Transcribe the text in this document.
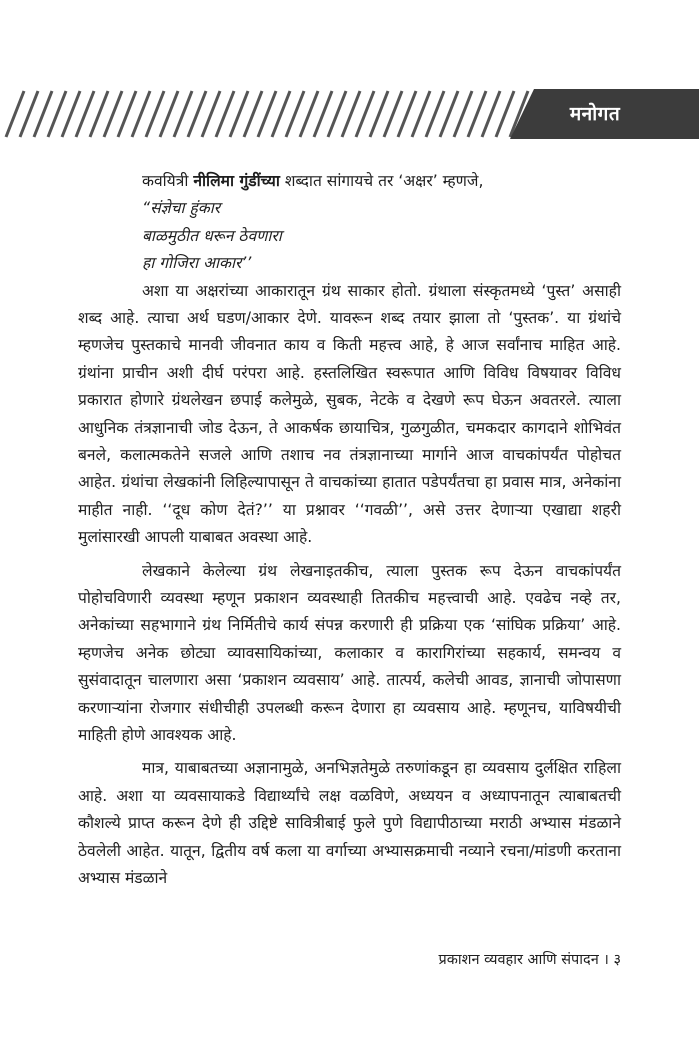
मनोगत

कवयित्री नीलिमा गुंडींच्या शब्दात सांगायचे तर ‘अक्षर’ म्हणजे,

“संज्ञेचा हुंकार
बाळमुठीत धरून ठेवणारा
हा गोजिरा आकार’’

अशा या अक्षरांच्या आकारातून ग्रंथ साकार होतो. ग्रंथाला संस्कृतमध्ये ‘पुस्त’ असाही शब्द आहे. त्याचा अर्थ घडण/आकार देणे. यावरून शब्द तयार झाला तो ‘पुस्तक’. या ग्रंथांचे म्हणजेच पुस्तकाचे मानवी जीवनात काय व किती महत्त्व आहे, हे आज सर्वांनाच माहित आहे. ग्रंथांना प्राचीन अशी दीर्घ परंपरा आहे. हस्तलिखित स्वरूपात आणि विविध विषयावर विविध प्रकारात होणारे ग्रंथलेखन छपाई कलेमुळे, सुबक, नेटके व देखणे रूप घेऊन अवतरले. त्याला आधुनिक तंत्रज्ञानाची जोड देऊन, ते आकर्षक छायाचित्र, गुळगुळीत, चमकदार कागदाने शोभिवंत बनले, कलात्मकतेने सजले आणि तशाच नव तंत्रज्ञानाच्या मार्गाने आज वाचकांपर्यंत पोहोचत आहेत. ग्रंथांचा लेखकांनी लिहिल्यापासून ते वाचकांच्या हातात पडेपर्यंतचा हा प्रवास मात्र, अनेकांना माहीत नाही. ‘‘दूध कोण देतं?’’ या प्रश्नावर ‘‘गवळी’’, असे उत्तर देणाऱ्या एखाद्या शहरी मुलांसारखी आपली याबाबत अवस्था आहे.

लेखकाने केलेल्या ग्रंथ लेखनाइतकीच, त्याला पुस्तक रूप देऊन वाचकांपर्यंत पोहोचविणारी व्यवस्था म्हणून प्रकाशन व्यवस्थाही तितकीच महत्त्वाची आहे. एवढेच नव्हे तर, अनेकांच्या सहभागाने ग्रंथ निर्मितीचे कार्य संपन्न करणारी ही प्रक्रिया एक ‘सांघिक प्रक्रिया’ आहे. म्हणजेच अनेक छोट्या व्यावसायिकांच्या, कलाकार व कारागिरांच्या सहकार्य, समन्वय व सुसंवादातून चालणारा असा ‘प्रकाशन व्यवसाय’ आहे. तात्पर्य, कलेची आवड, ज्ञानाची जोपासणा करणाऱ्यांना रोजगार संधीचीही उपलब्धी करून देणारा हा व्यवसाय आहे. म्हणूनच, याविषयीची माहिती होणे आवश्यक आहे.

मात्र, याबाबतच्या अज्ञानामुळे, अनभिज्ञतेमुळे तरुणांकडून हा व्यवसाय दुर्लक्षित राहिला आहे. अशा या व्यवसायाकडे विद्यार्थ्यांचे लक्ष वळविणे, अध्ययन व अध्यापनातून त्याबाबतची कौशल्ये प्राप्त करून देणे ही उद्दिष्टे सावित्रीबाई फुले पुणे विद्यापीठाच्या मराठी अभ्यास मंडळाने ठेवलेली आहेत. यातून, द्वितीय वर्ष कला या वर्गाच्या अभ्यासक्रमाची नव्याने रचना/मांडणी करताना अभ्यास मंडळाने

प्रकाशन व्यवहार आणि संपादन । ३
